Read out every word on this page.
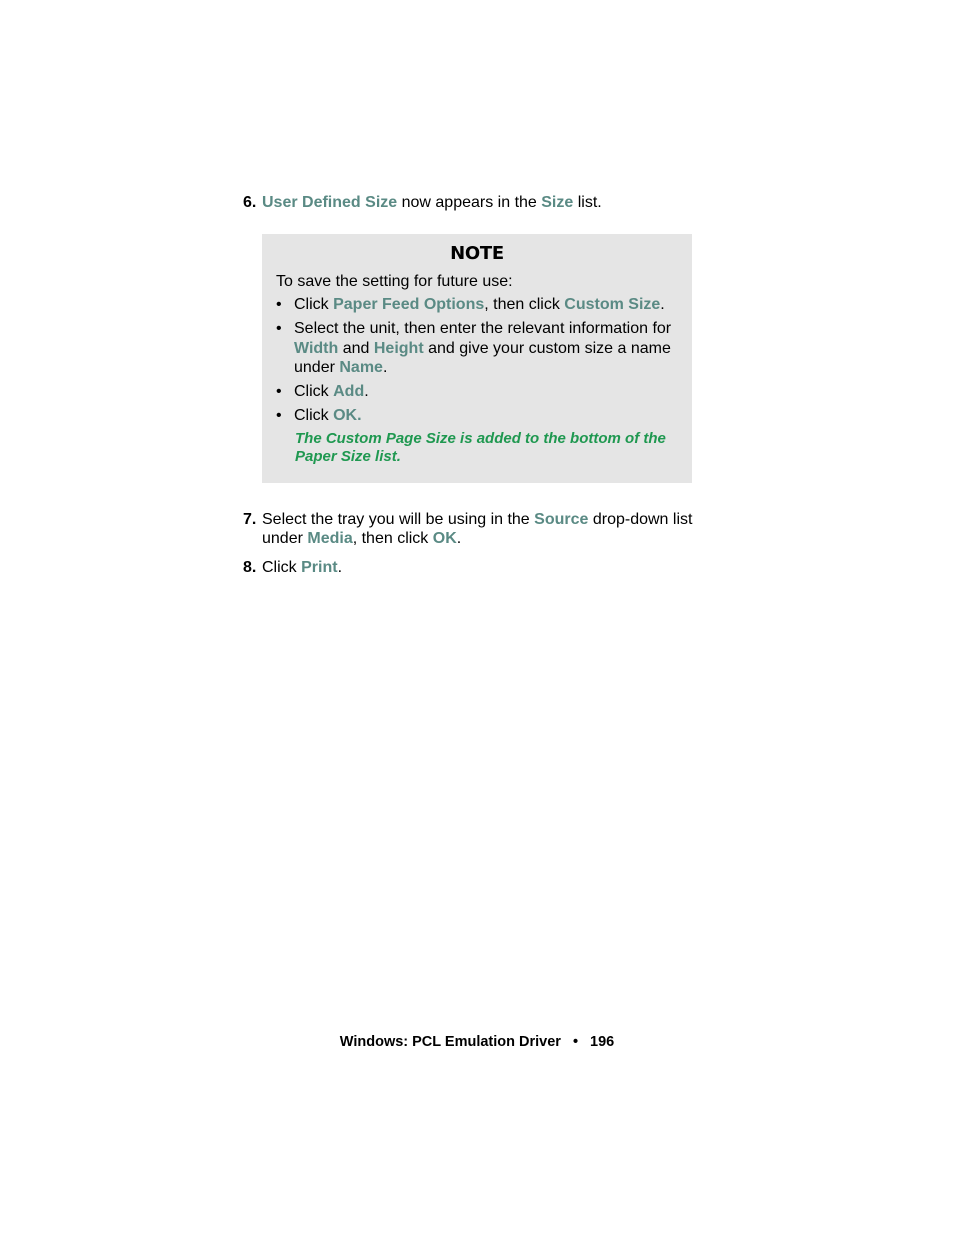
6. User Defined Size now appears in the Size list.
NOTE
To save the setting for future use:
• Click Paper Feed Options, then click Custom Size.
• Select the unit, then enter the relevant information for Width and Height and give your custom size a name under Name.
• Click Add.
• Click OK.
The Custom Page Size is added to the bottom of the Paper Size list.
7. Select the tray you will be using in the Source drop-down list under Media, then click OK.
8. Click Print.
Windows: PCL Emulation Driver • 196
